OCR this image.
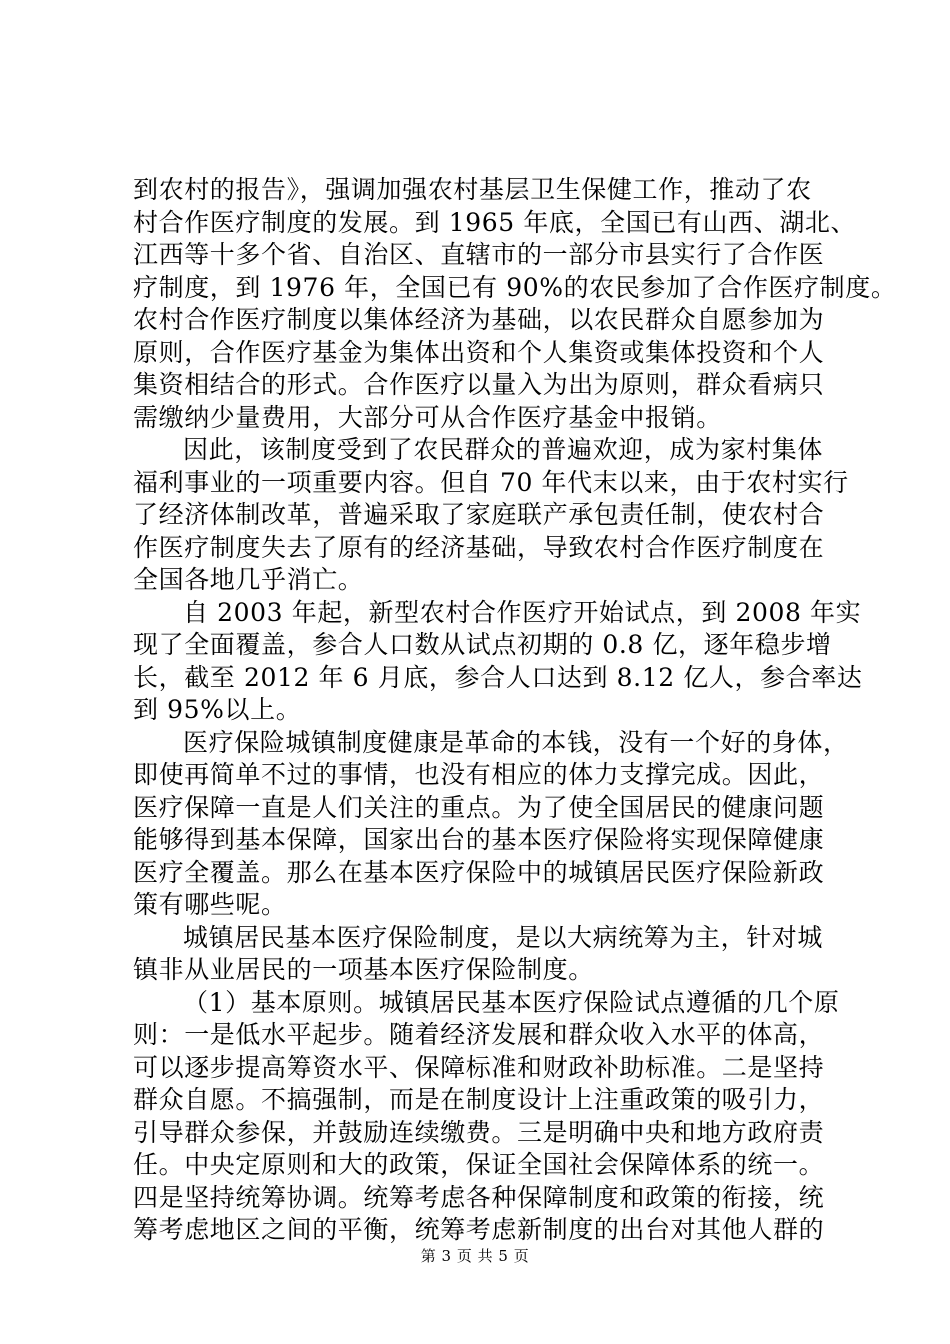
到农村的报告》，强调加强农村基层卫生保健工作，推动了农
村合作医疗制度的发展。到 1965 年底，全国已有山西、湖北、
江西等十多个省、自治区、直辖市的一部分市县实行了合作医
疗制度，到 1976 年，全国已有 90%的农民参加了合作医疗制度。
农村合作医疗制度以集体经济为基础，以农民群众自愿参加为
原则，合作医疗基金为集体出资和个人集资或集体投资和个人
集资相结合的形式。合作医疗以量入为出为原则，群众看病只
需缴纳少量费用，大部分可从合作医疗基金中报销。
因此，该制度受到了农民群众的普遍欢迎，成为家村集体
福利事业的一项重要内容。但自 70 年代末以来，由于农村实行
了经济体制改革，普遍采取了家庭联产承包责任制，使农村合
作医疗制度失去了原有的经济基础，导致农村合作医疗制度在
全国各地几乎消亡。
自 2003 年起，新型农村合作医疗开始试点，到 2008 年实
现了全面覆盖，参合人口数从试点初期的 0.8 亿，逐年稳步增
长，截至 2012 年 6 月底，参合人口达到 8.12 亿人，参合率达
到 95%以上。
医疗保险城镇制度健康是革命的本钱，没有一个好的身体，
即使再简单不过的事情，也没有相应的体力支撑完成。因此，
医疗保障一直是人们关注的重点。为了使全国居民的健康问题
能够得到基本保障，国家出台的基本医疗保险将实现保障健康
医疗全覆盖。那么在基本医疗保险中的城镇居民医疗保险新政
策有哪些呢。
城镇居民基本医疗保险制度，是以大病统筹为主，针对城
镇非从业居民的一项基本医疗保险制度。
（1）基本原则。城镇居民基本医疗保险试点遵循的几个原
则：一是低水平起步。随着经济发展和群众收入水平的体高，
可以逐步提高筹资水平、保障标准和财政补助标准。二是坚持
群众自愿。不搞强制，而是在制度设计上注重政策的吸引力，
引导群众参保，并鼓励连续缴费。三是明确中央和地方政府责
任。中央定原则和大的政策，保证全国社会保障体系的统一。
四是坚持统筹协调。统筹考虑各种保障制度和政策的衔接，统
筹考虑地区之间的平衡，统筹考虑新制度的出台对其他人群的
第 3 页 共 5 页
